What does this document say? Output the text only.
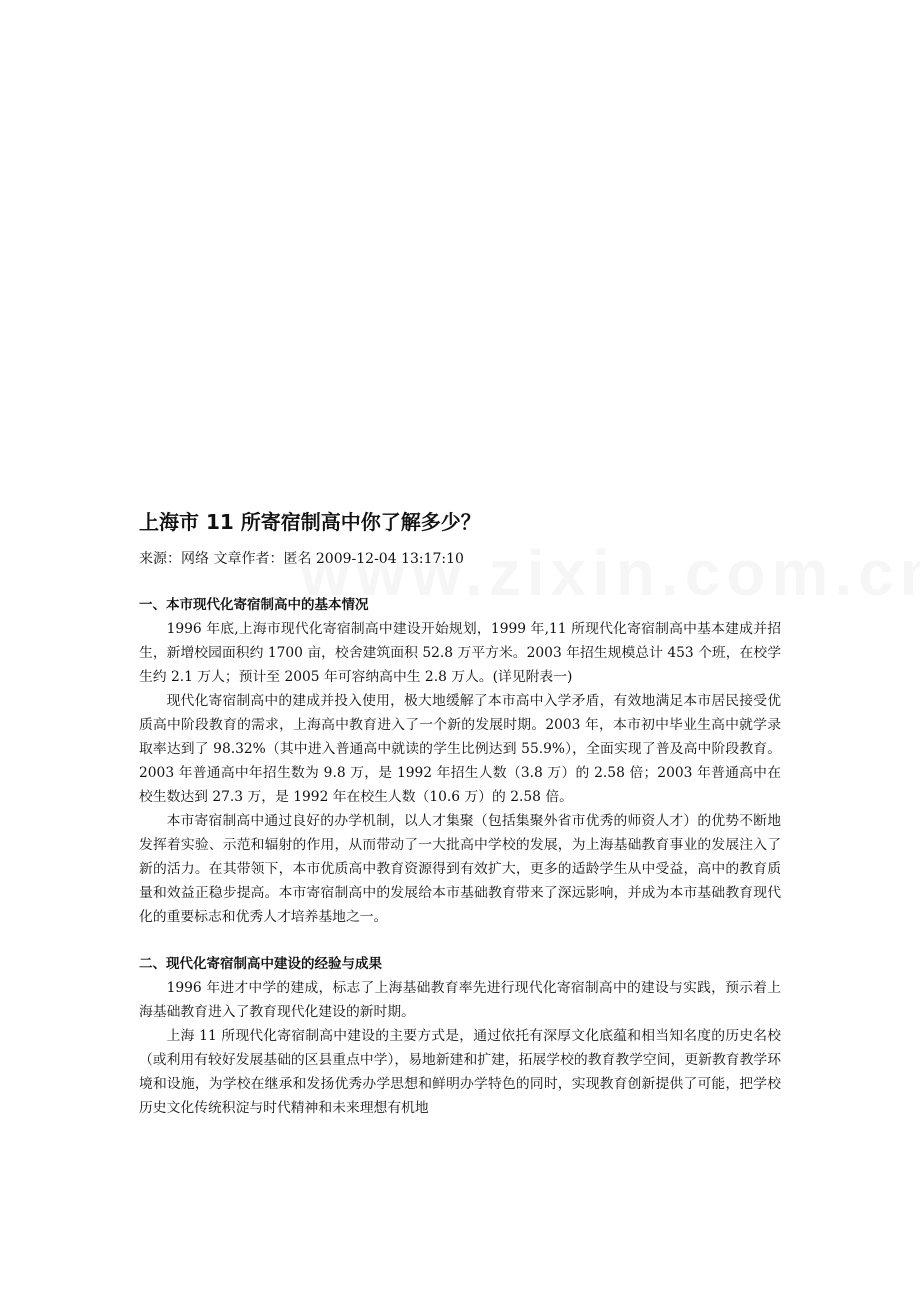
上海市 11 所寄宿制高中你了解多少？

来源：网络 文章作者：匿名 2009-12-04 13:17:10

一、本市现代化寄宿制高中的基本情况

1996 年底,上海市现代化寄宿制高中建设开始规划，1999 年,11 所现代化寄宿制高中基本建成并招生，新增校园面积约 1700 亩，校舍建筑面积 52.8 万平方米。2003 年招生规模总计 453 个班，在校学生约 2.1 万人；预计至 2005 年可容纳高中生 2.8 万人。(详见附表一)

现代化寄宿制高中的建成并投入使用，极大地缓解了本市高中入学矛盾，有效地满足本市居民接受优质高中阶段教育的需求，上海高中教育进入了一个新的发展时期。2003 年，本市初中毕业生高中就学录取率达到了 98.32%（其中进入普通高中就读的学生比例达到 55.9%），全面实现了普及高中阶段教育。2003 年普通高中年招生数为 9.8 万，是 1992 年招生人数（3.8 万）的 2.58 倍；2003 年普通高中在校生数达到 27.3 万，是 1992 年在校生人数（10.6 万）的 2.58 倍。

本市寄宿制高中通过良好的办学机制，以人才集聚（包括集聚外省市优秀的师资人才）的优势不断地发挥着实验、示范和辐射的作用，从而带动了一大批高中学校的发展，为上海基础教育事业的发展注入了新的活力。在其带领下，本市优质高中教育资源得到有效扩大，更多的适龄学生从中受益，高中的教育质量和效益正稳步提高。本市寄宿制高中的发展给本市基础教育带来了深远影响，并成为本市基础教育现代化的重要标志和优秀人才培养基地之一。

二、现代化寄宿制高中建设的经验与成果

1996 年进才中学的建成，标志了上海基础教育率先进行现代化寄宿制高中的建设与实践，预示着上海基础教育进入了教育现代化建设的新时期。

上海 11 所现代化寄宿制高中建设的主要方式是，通过依托有深厚文化底蕴和相当知名度的历史名校（或利用有较好发展基础的区县重点中学），易地新建和扩建，拓展学校的教育教学空间，更新教育教学环境和设施，为学校在继承和发扬优秀办学思想和鲜明办学特色的同时，实现教育创新提供了可能，把学校历史文化传统积淀与时代精神和未来理想有机地
